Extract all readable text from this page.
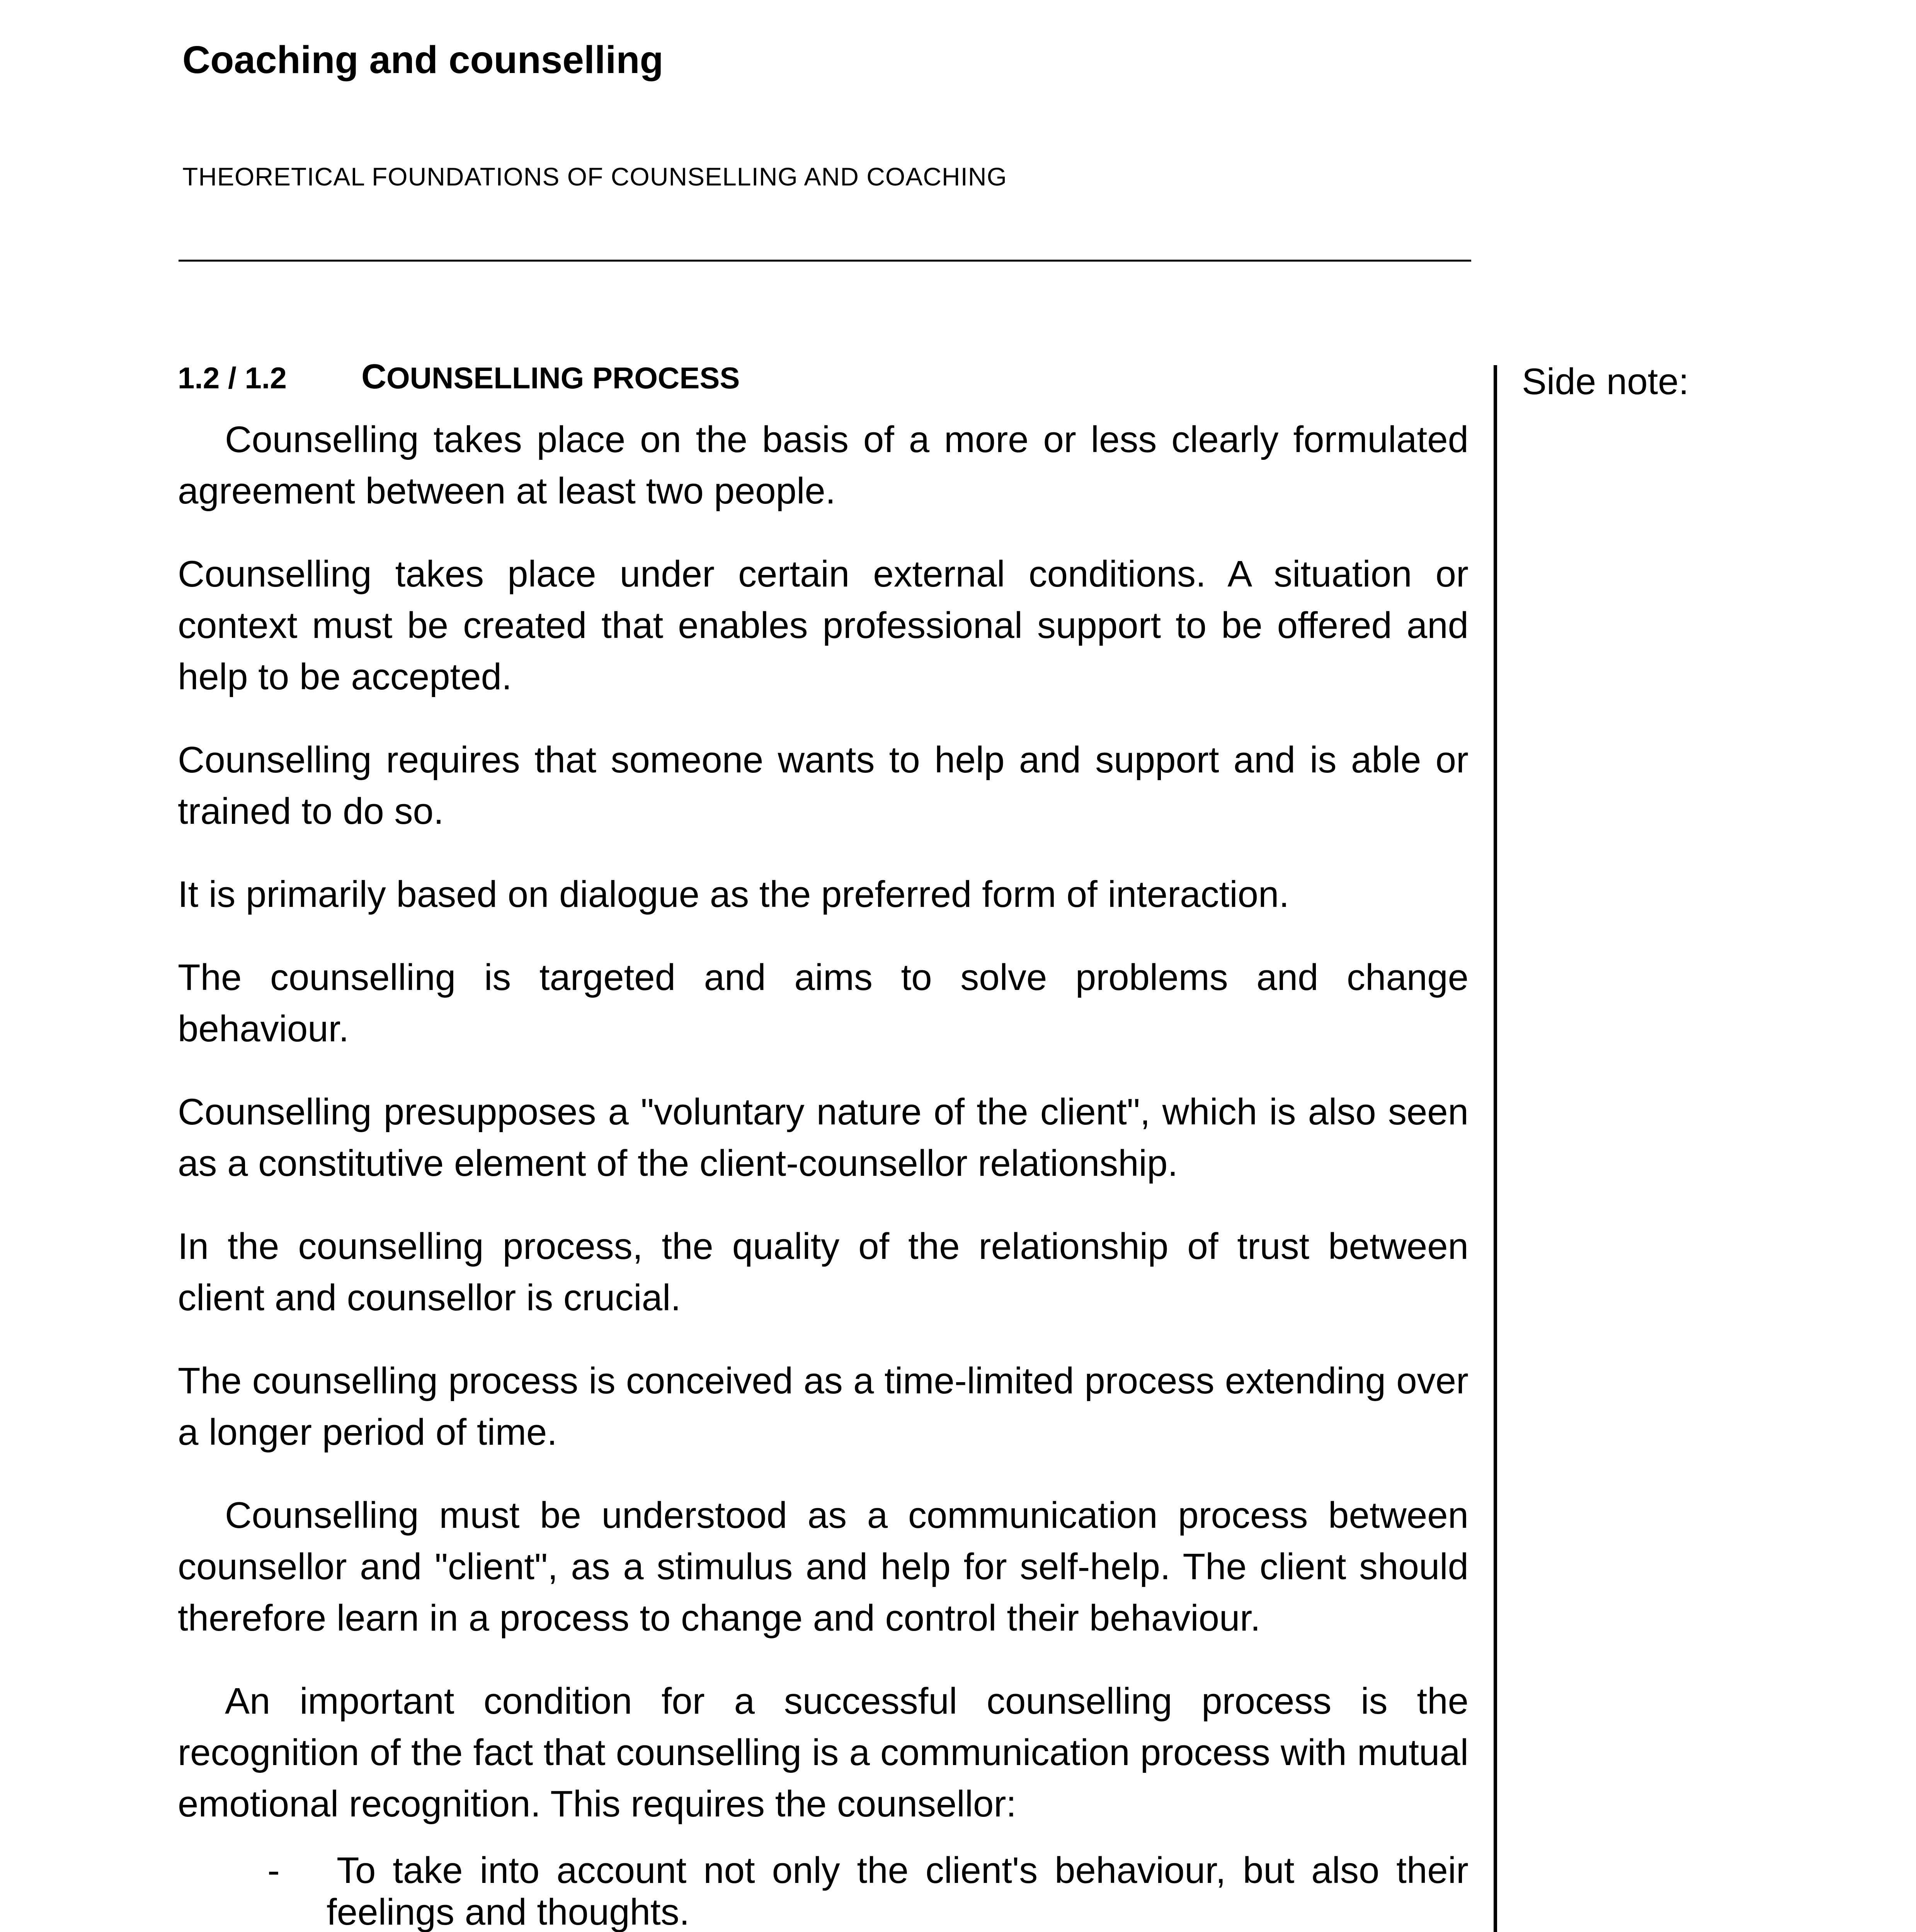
Coaching and counselling
THEORETICAL FOUNDATIONS OF COUNSELLING AND COACHING
Side note:
1.2 / 1.2 COUNSELLING PROCESS

Counselling takes place on the basis of a more or less clearly formulated agreement between at least two people.

Counselling takes place under certain external conditions. A situation or context must be created that enables professional support to be offered and help to be accepted.

Counselling requires that someone wants to help and support and is able or trained to do so.

It is primarily based on dialogue as the preferred form of interaction.

The counselling is targeted and aims to solve problems and change behaviour.

Counselling presupposes a "voluntary nature of the client", which is also seen as a constitutive element of the client-counsellor relationship.

In the counselling process, the quality of the relationship of trust between client and counsellor is crucial.

The counselling process is conceived as a time-limited process extending over a longer period of time.

Counselling must be understood as a communication process between counsellor and "client", as a stimulus and help for self-help. The client should therefore learn in a process to change and control their behaviour.

An important condition for a successful counselling process is the recognition of the fact that counselling is a communication process with mutual emotional recognition. This requires the counsellor:

- To take into account not only the client's behaviour, but also their feelings and thoughts.
